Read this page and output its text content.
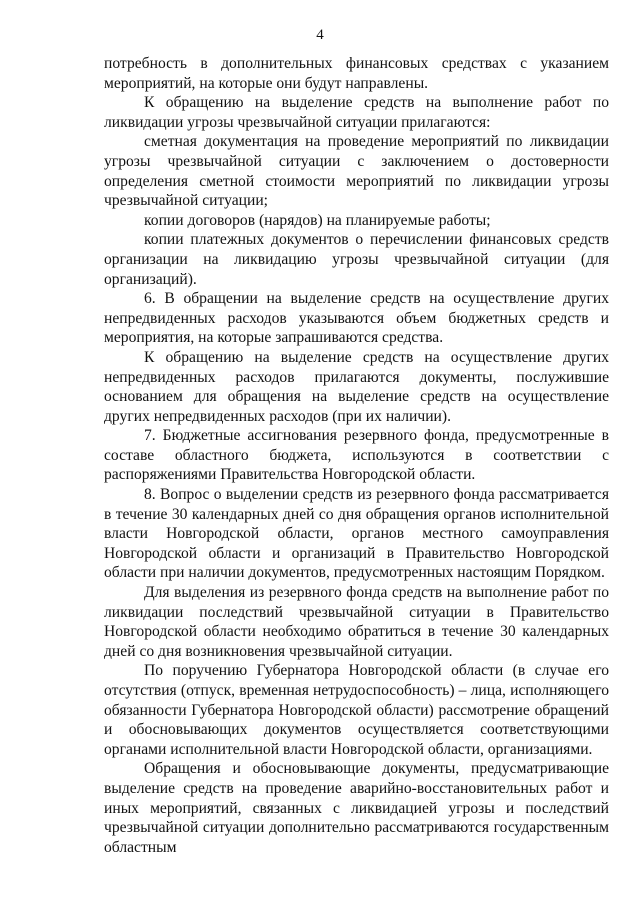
4

потребность в дополнительных финансовых средствах с указанием мероприятий, на которые они будут направлены.

К обращению на выделение средств на выполнение работ по ликвидации угрозы чрезвычайной ситуации прилагаются:

сметная документация на проведение мероприятий по ликвидации угрозы чрезвычайной ситуации с заключением о достоверности определения сметной стоимости мероприятий по ликвидации угрозы чрезвычайной ситуации;

копии договоров (нарядов) на планируемые работы;

копии платежных документов о перечислении финансовых средств организации на ликвидацию угрозы чрезвычайной ситуации (для организаций).

6. В обращении на выделение средств на осуществление других непредвиденных расходов указываются объем бюджетных средств и мероприятия, на которые запрашиваются средства.

К обращению на выделение средств на осуществление других непредвиденных расходов прилагаются документы, послужившие основанием для обращения на выделение средств на осуществление других непредвиденных расходов (при их наличии).

7. Бюджетные ассигнования резервного фонда, предусмотренные в составе областного бюджета, используются в соответствии с распоряжениями Правительства Новгородской области.

8. Вопрос о выделении средств из резервного фонда рассматривается в течение 30 календарных дней со дня обращения органов исполнительной власти Новгородской области, органов местного самоуправления Новгородской области и организаций в Правительство Новгородской области при наличии документов, предусмотренных настоящим Порядком.

Для выделения из резервного фонда средств на выполнение работ по ликвидации последствий чрезвычайной ситуации в Правительство Новгородской области необходимо обратиться в течение 30 календарных дней со дня возникновения чрезвычайной ситуации.

По поручению Губернатора Новгородской области (в случае его отсутствия (отпуск, временная нетрудоспособность) – лица, исполняющего обязанности Губернатора Новгородской области) рассмотрение обращений и обосновывающих документов осуществляется соответствующими органами исполнительной власти Новгородской области, организациями.

Обращения и обосновывающие документы, предусматривающие выделение средств на проведение аварийно-восстановительных работ и иных мероприятий, связанных с ликвидацией угрозы и последствий чрезвычайной ситуации дополнительно рассматриваются государственным областным
